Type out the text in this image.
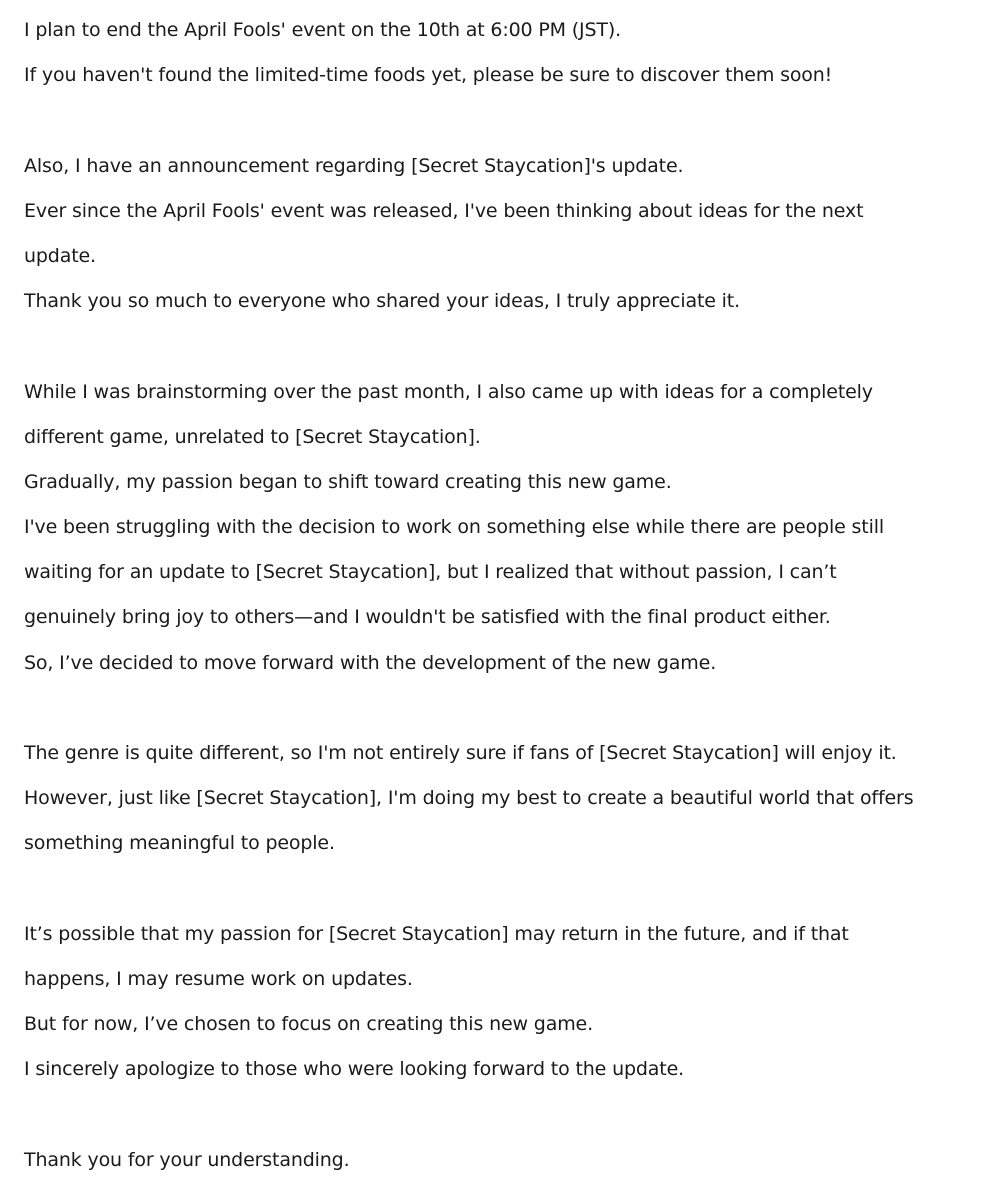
I plan to end the April Fools' event on the 10th at 6:00 PM (JST).
If you haven't found the limited-time foods yet, please be sure to discover them soon!
Also, I have an announcement regarding [Secret Staycation]'s update.
Ever since the April Fools' event was released, I've been thinking about ideas for the next
update.
Thank you so much to everyone who shared your ideas, I truly appreciate it.
While I was brainstorming over the past month, I also came up with ideas for a completely
different game, unrelated to [Secret Staycation].
Gradually, my passion began to shift toward creating this new game.
I've been struggling with the decision to work on something else while there are people still
waiting for an update to [Secret Staycation], but I realized that without passion, I can’t
genuinely bring joy to others—and I wouldn't be satisfied with the final product either.
So, I’ve decided to move forward with the development of the new game.
The genre is quite different, so I'm not entirely sure if fans of [Secret Staycation] will enjoy it.
However, just like [Secret Staycation], I'm doing my best to create a beautiful world that offers
something meaningful to people.
It’s possible that my passion for [Secret Staycation] may return in the future, and if that
happens, I may resume work on updates.
But for now, I’ve chosen to focus on creating this new game.
I sincerely apologize to those who were looking forward to the update.
Thank you for your understanding.
